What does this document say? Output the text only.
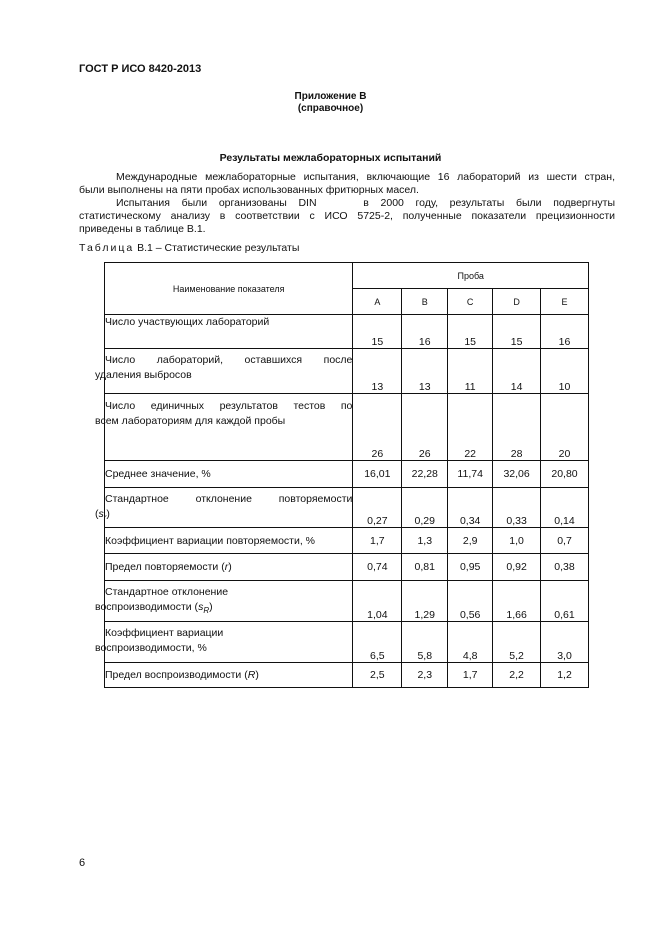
ГОСТ Р ИСО 8420-2013
Приложение В
(справочное)
Результаты межлабораторных испытаний
Международные межлабораторные испытания, включающие 16 лабораторий из шести стран,
были выполнены на пяти пробах использованных фритюрных масел.
Испытания были организованы DIN    в 2000 году, результаты были подвергнуты
статистическому анализу в соответствии с ИСО 5725-2, полученные показатели прецизионности
приведены в таблице В.1.
Таблица В.1 – Статистические результаты
Наименование показателя	Проба				
	A	B	C	D	E
Число участвующих лабораторий	15	16	15	15	16

Число лабораторий, оставшихся после
удаления выбросов	13	13	11	14	10

Число единичных результатов тестов по
всем лабораториям для каждой пробы	26	26	22	28	20
Среднее значение, %	16,01	22,28	11,74	32,06	20,80

Стандартное отклонение повторяемости
$(s_r)$	0,27	0,29	0,34	0,33	0,14
Коэффициент вариации повторяемости, %	1,7	1,3	2,9	1,0	0,7
Предел повторяемости (r)	0,74	0,81	0,95	0,92	0,38

Стандартное отклонение
воспроизводимости $(s_R)$	1,04	1,29	0,56	1,66	0,61

Коэффициент вариации
воспроизводимости, %	6,5	5,8	4,8	5,2	3,0
Предел воспроизводимости (R)	2,5	2,3	1,7	2,2	1,2
6
